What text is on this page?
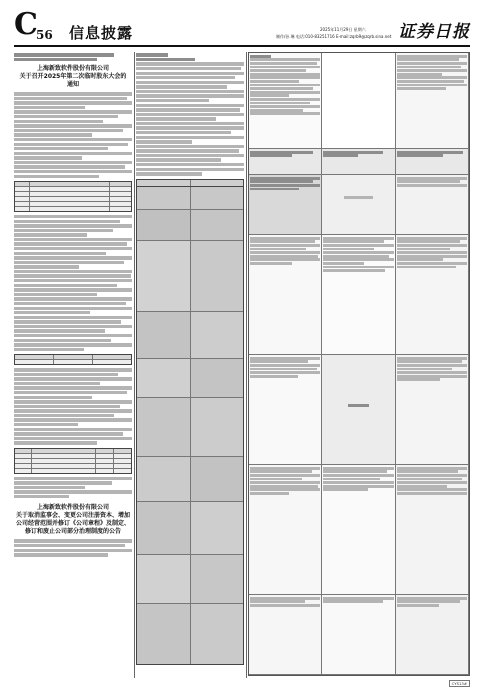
C
56 信息披露	2025年11月29日 星期六
制作/孙 琳 电话:010-83251716 E-mail:zqrb9@zqrb.sina.net 证券日报
上海新致软件股份有限公司
关于召开2025年第二次临时股东大会的
通知
上海新致软件股份有限公司
关于取消监事会、变更公司注册资本、增加
公司经营范围并修订《公司章程》及制定、
修订和废止公司部分治理制度的公告
CYS13#
